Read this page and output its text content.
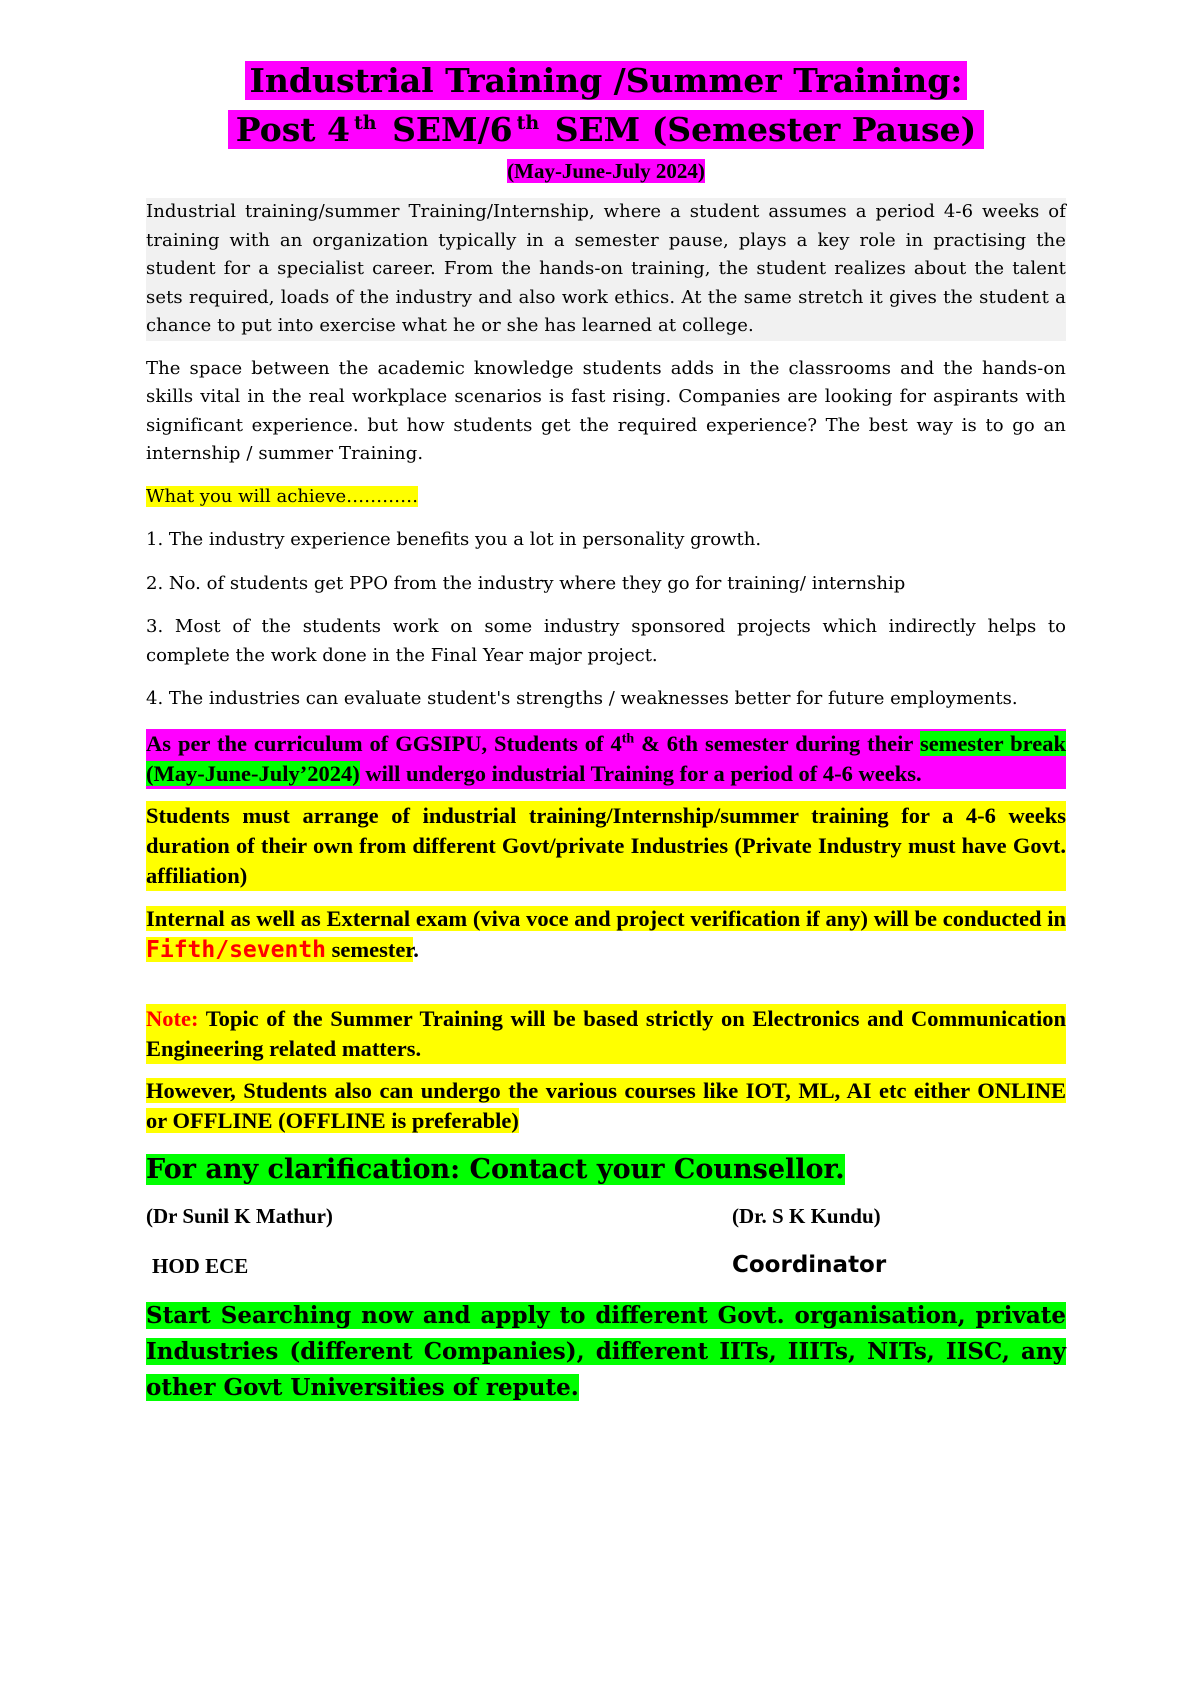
Industrial Training /Summer Training:
Post 4 $^{th}$ SEM/6 $^{th}$ SEM (Semester Pause)
(May-June-July 2024)

Industrial training/summer Training/Internship, where a student assumes a period 4-6 weeks of training with an organization typically in a semester pause, plays a key role in practising the student for a specialist career. From the hands-on training, the student realizes about the talent sets required, loads of the industry and also work ethics. At the same stretch it gives the student a chance to put into exercise what he or she has learned at college.

The space between the academic knowledge students adds in the classrooms and the hands-on skills vital in the real workplace scenarios is fast rising. Companies are looking for aspirants with significant experience. but how students get the required experience? The best way is to go an internship / summer Training.

What you will achieve…………

1. The industry experience benefits you a lot in personality growth.

2. No. of students get PPO from the industry where they go for training/ internship

3. Most of the students work on some industry sponsored projects which indirectly helps to complete the work done in the Final Year major project.

4. The industries can evaluate student's strengths / weaknesses better for future employments.

As per the curriculum of GGSIPU, Students of 4th & 6th semester during their semester break (May-June-July’2024) will undergo industrial Training for a period of 4-6 weeks.

Students must arrange of industrial training/Internship/summer training for a 4-6 weeks duration of their own from different Govt/private Industries (Private Industry must have Govt. affiliation)

Internal as well as External exam (viva voce and project verification if any) will be conducted in Fifth/seventh semester.

Note: Topic of the Summer Training will be based strictly on Electronics and Communication Engineering related matters.

However, Students also can undergo the various courses like IOT, ML, AI etc either ONLINE or OFFLINE (OFFLINE is preferable)

For any clarification: Contact your Counsellor.

(Dr Sunil K Mathur)	(Dr. S K Kundu)
HOD ECE	Coordinator

Start Searching now and apply to different Govt. organisation, private Industries (different Companies), different IITs, IIITs, NITs, IISC, any other Govt Universities of repute.
